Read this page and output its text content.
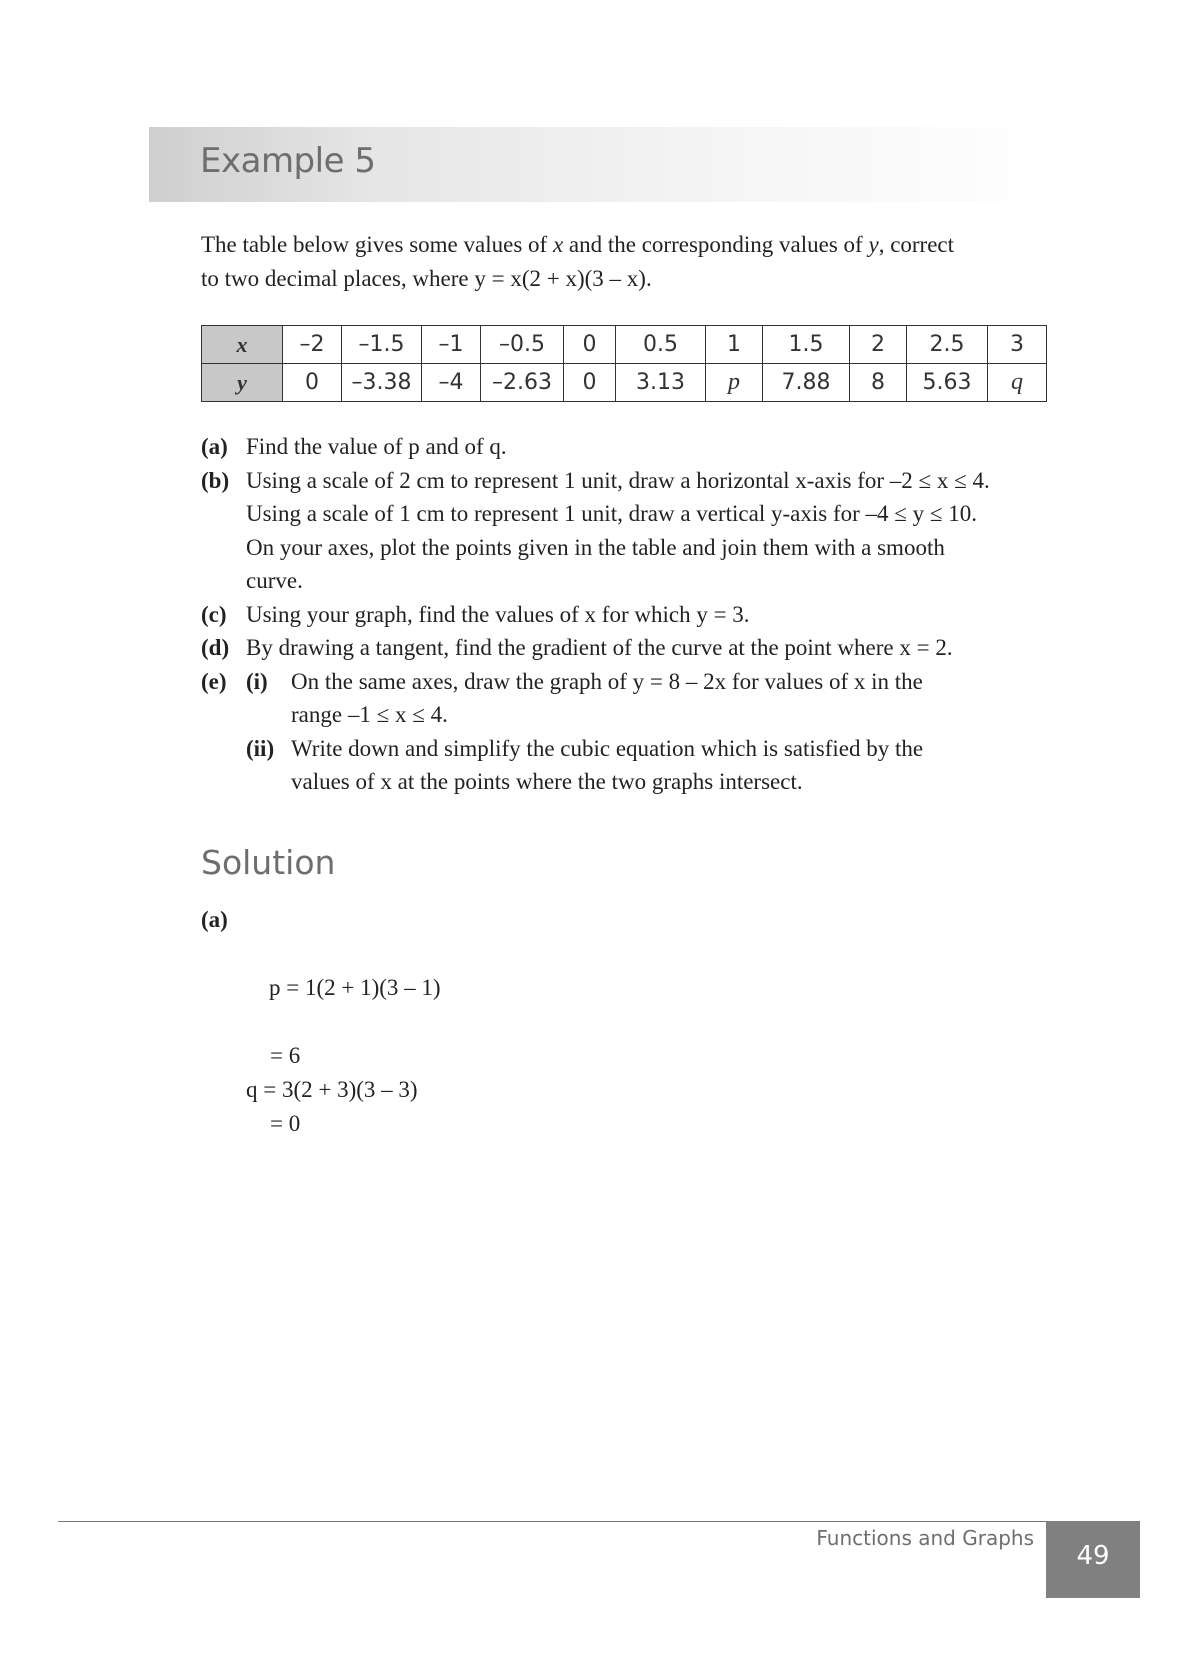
Example 5

The table below gives some values of x and the corresponding values of y, correct

to two decimal places, where y = x(2 + x)(3 – x).

x	–2	–1.5	–1	–0.5	0	0.5	1	1.5	2	2.5	3
y	0	–3.38	–4	–2.63	0	3.13	p	7.88	8	5.63	q
(a) Find the value of p and of q.
(b) Using a scale of 2 cm to represent 1 unit, draw a horizontal x-axis for –2 ≤ x ≤ 4.
Using a scale of 1 cm to represent 1 unit, draw a vertical y-axis for –4 ≤ y ≤ 10.
On your axes, plot the points given in the table and join them with a smooth
curve.
(c) Using your graph, find the values of x for which y = 3.
(d) By drawing a tangent, find the gradient of the curve at the point where x = 2.
(e) (i) On the same axes, draw the graph of y = 8 – 2x for values of x in the
range –1 ≤ x ≤ 4.
(ii) Write down and simplify the cubic equation which is satisfied by the
values of x at the points where the two graphs intersect.
Solution

(a)

p = 1(2 + 1)(3 – 1)

= 6
q = 3(2 + 3)(3 – 3)
= 0
Functions and Graphs
49
